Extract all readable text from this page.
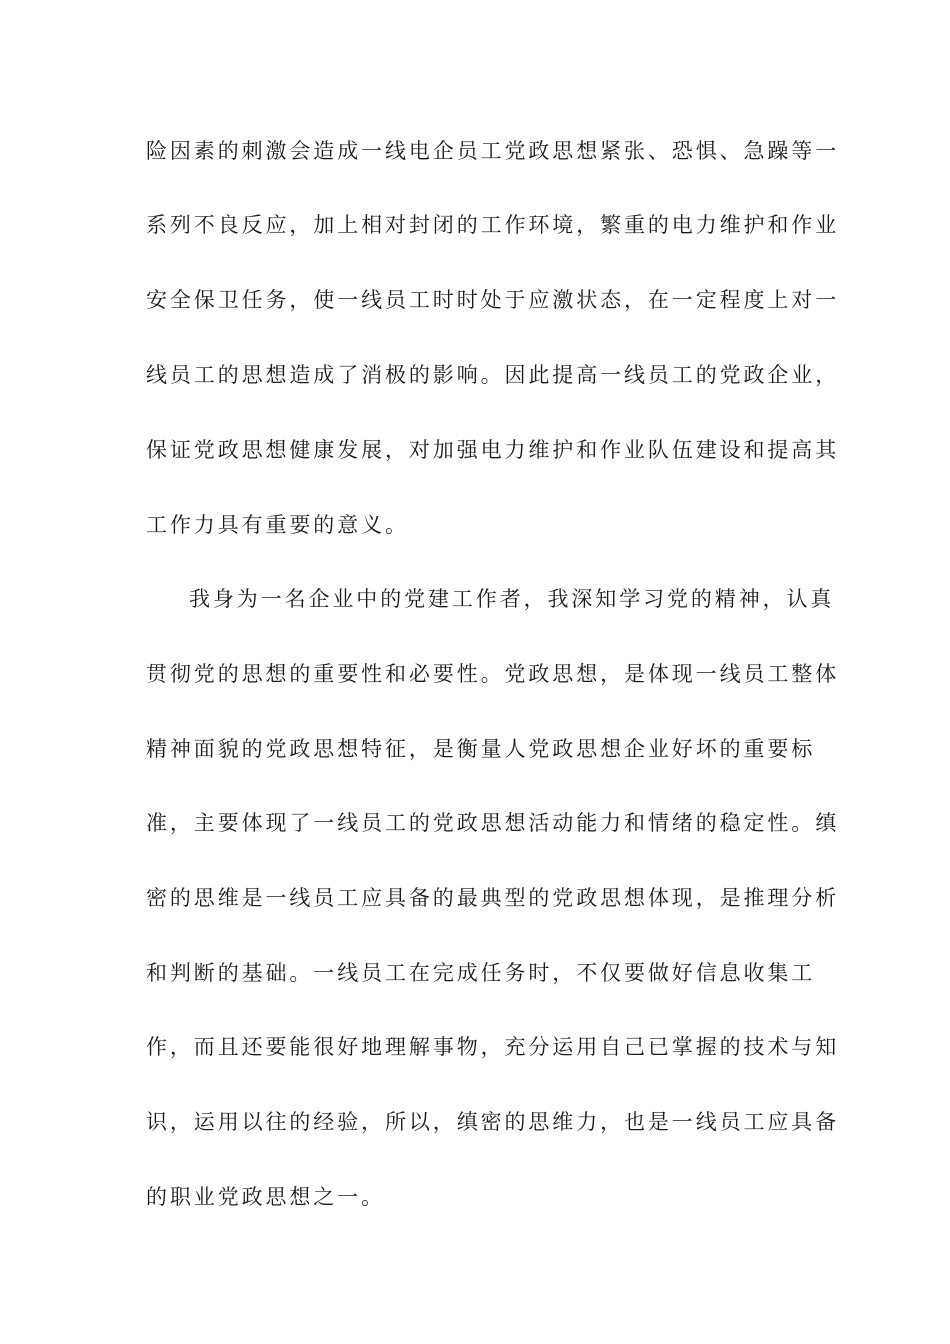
险因素的刺激会造成一线电企员工党政思想紧张、恐惧、急躁等一
系列不良反应，加上相对封闭的工作环境，繁重的电力维护和作业
安全保卫任务，使一线员工时时处于应激状态，在一定程度上对一
线员工的思想造成了消极的影响。因此提高一线员工的党政企业，
保证党政思想健康发展，对加强电力维护和作业队伍建设和提高其
工作力具有重要的意义。
我身为一名企业中的党建工作者，我深知学习党的精神，认真
贯彻党的思想的重要性和必要性。党政思想，是体现一线员工整体
精神面貌的党政思想特征，是衡量人党政思想企业好坏的重要标
准，主要体现了一线员工的党政思想活动能力和情绪的稳定性。缜
密的思维是一线员工应具备的最典型的党政思想体现，是推理分析
和判断的基础。一线员工在完成任务时，不仅要做好信息收集工
作，而且还要能很好地理解事物，充分运用自己已掌握的技术与知
识，运用以往的经验，所以，缜密的思维力，也是一线员工应具备
的职业党政思想之一。
